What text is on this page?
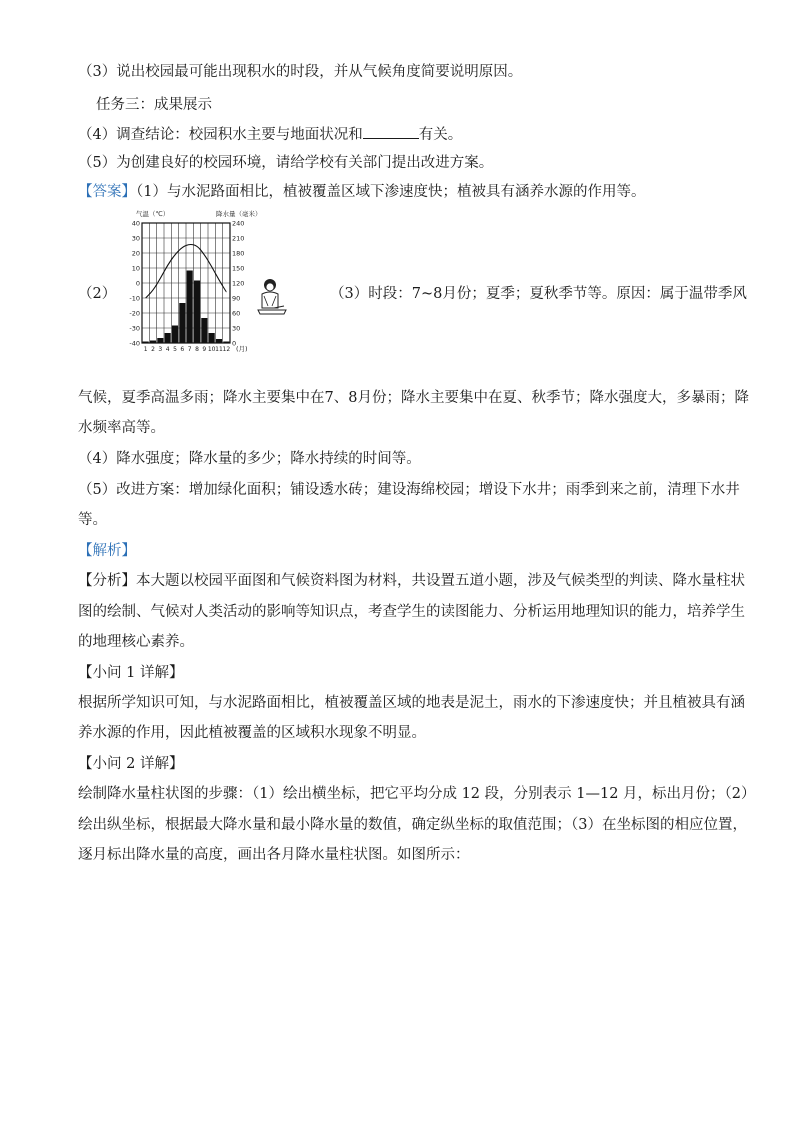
（3）说出校园最可能出现积水的时段，并从气候角度简要说明原因。
任务三：成果展示
（4）调查结论：校园积水主要与地面状况和	有关。
（5）为创建良好的校园环境，请给学校有关部门提出改进方案。
【答案】（1）与水泥路面相比，植被覆盖区域下渗速度快；植被具有涵养水源的作用等。
（2）
40
30
20
10
0
-10
-20
-30
-40
240
210
180
150
120
90
60
30
0
气温（℃）	降水量（毫米）
1 2 3 4 5 6 7 8 9 10 11 12 (月)
（3）时段：7~8月份；夏季；夏秋季节等。原因：属于温带季风
气候，夏季高温多雨；降水主要集中在7、8月份；降水主要集中在夏、秋季节；降水强度大，多暴雨；降
水频率高等。
（4）降水强度；降水量的多少；降水持续的时间等。
（5）改进方案：增加绿化面积；铺设透水砖；建设海绵校园；增设下水井；雨季到来之前，清理下水井
等。
【解析】
【分析】本大题以校园平面图和气候资料图为材料，共设置五道小题，涉及气候类型的判读、降水量柱状
图的绘制、气候对人类活动的影响等知识点，考查学生的读图能力、分析运用地理知识的能力，培养学生
的地理核心素养。
【小问 1 详解】
根据所学知识可知，与水泥路面相比，植被覆盖区域的地表是泥土，雨水的下渗速度快；并且植被具有涵
养水源的作用，因此植被覆盖的区域积水现象不明显。
【小问 2 详解】
绘制降水量柱状图的步骤：（1）绘出横坐标，把它平均分成 12 段，分别表示 1—12 月，标出月份；（2）
绘出纵坐标，根据最大降水量和最小降水量的数值，确定纵坐标的取值范围；（3）在坐标图的相应位置，
逐月标出降水量的高度，画出各月降水量柱状图。如图所示：
